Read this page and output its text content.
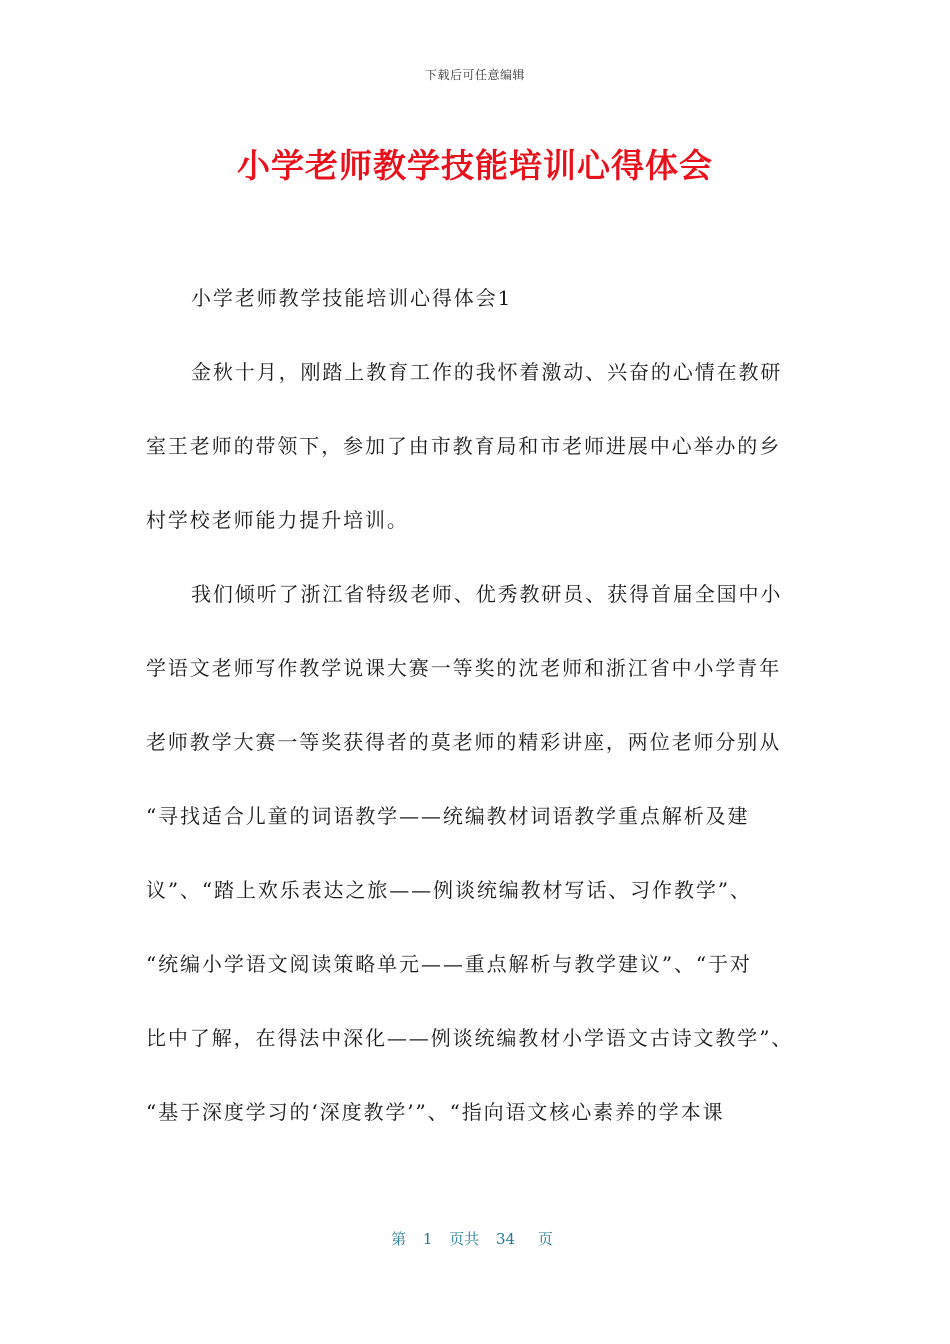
下载后可任意编辑
小学老师教学技能培训心得体会
小学老师教学技能培训心得体会1
金秋十月，刚踏上教育工作的我怀着激动、兴奋的心情在教研
室王老师的带领下，参加了由市教育局和市老师进展中心举办的乡
村学校老师能力提升培训。
我们倾听了浙江省特级老师、优秀教研员、获得首届全国中小
学语文老师写作教学说课大赛一等奖的沈老师和浙江省中小学青年
老师教学大赛一等奖获得者的莫老师的精彩讲座，两位老师分别从
“寻找适合儿童的词语教学——统编教材词语教学重点解析及建
议”、“踏上欢乐表达之旅——例谈统编教材写话、习作教学”、
“统编小学语文阅读策略单元——重点解析与教学建议”、“于对
比中了解，在得法中深化——例谈统编教材小学语文古诗文教学”、
“基于深度学习的‘深度教学’”、“指向语文核心素养的学本课
第 1 页共 34 页
